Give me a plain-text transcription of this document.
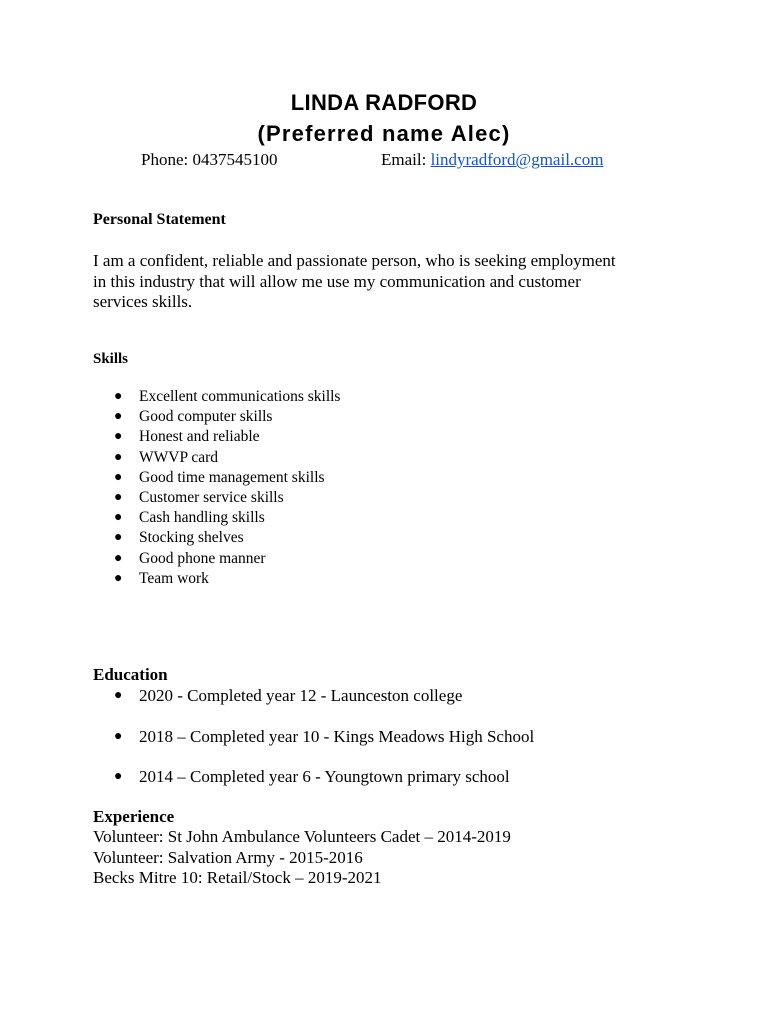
LINDA RADFORD
(Preferred name Alec)
Phone: 0437545100	Email: lindyradford@gmail.com
Personal Statement
I am a confident, reliable and passionate person, who is seeking employment
in this industry that will allow me use my communication and customer
services skills.
Skills
● Excellent communications skills
● Good computer skills
● Honest and reliable
● WWVP card
● Good time management skills
● Customer service skills
● Cash handling skills
● Stocking shelves
● Good phone manner
● Team work
Education
● 2020 - Completed year 12 - Launceston college
● 2018 – Completed year 10 - Kings Meadows High School
● 2014 – Completed year 6 - Youngtown primary school
Experience
Volunteer: St John Ambulance Volunteers Cadet – 2014-2019
Volunteer: Salvation Army - 2015-2016
Becks Mitre 10: Retail/Stock – 2019-2021
